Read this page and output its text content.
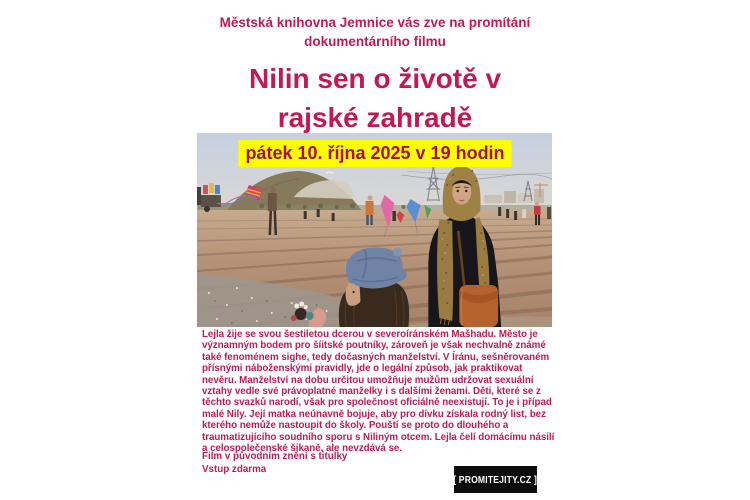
Městská knihovna Jemnice vás zve na promítání
dokumentárního filmu
Nilin sen o životě v
rajské zahradě
pátek 10. října 2025 v 19 hodin
Lejla žije se svou šestiletou dcerou v severoíránském Mašhadu. Město je
významným bodem pro šíitské poutníky, zároveň je však nechvalně známé
také fenoménem sighe, tedy dočasných manželství. V Íránu, sešněrovaném
přísnými náboženskými pravidly, jde o legální způsob, jak praktikovat
nevěru. Manželství na dobu určitou umožňuje mužům udržovat sexuální
vztahy vedle své právoplatné manželky i s dalšími ženami. Děti, které se z
těchto svazků narodí, však pro společnost oficiálně neexistují. To je i případ
malé Nily. Její matka neúnavně bojuje, aby pro dívku získala rodný list, bez
kterého nemůže nastoupit do školy. Pouští se proto do dlouhého a
traumatizujícího soudního sporu s Niliným otcem. Lejla čelí domácímu násilí
a celospolečenské šikaně, ale nevzdává se.
Film v původním znění s titulky
Vstup zdarma
[ PROMITEJITY.CZ ]
